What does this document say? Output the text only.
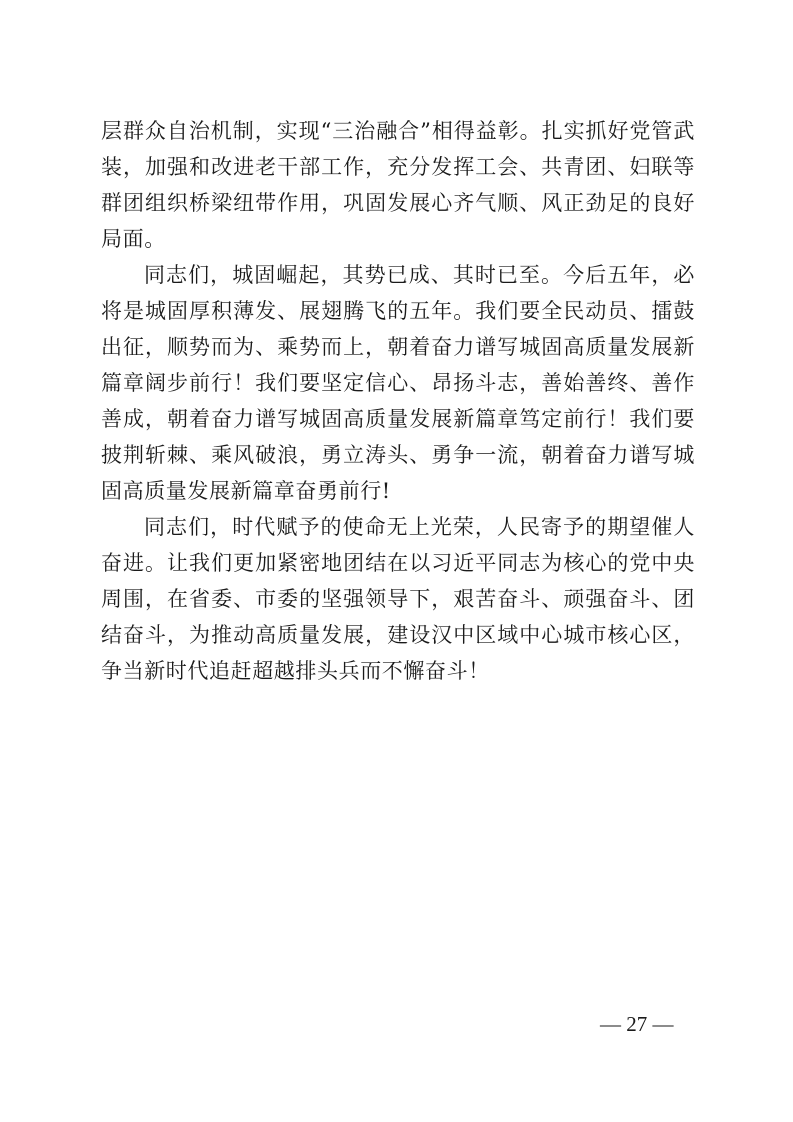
层群众自治机制，实现“三治融合”相得益彰。扎实抓好党管武装，加强和改进老干部工作，充分发挥工会、共青团、妇联等群团组织桥梁纽带作用，巩固发展心齐气顺、风正劲足的良好局面。

同志们，城固崛起，其势已成、其时已至。今后五年，必将是城固厚积薄发、展翅腾飞的五年。我们要全民动员、擂鼓出征，顺势而为、乘势而上，朝着奋力谱写城固高质量发展新篇章阔步前行！我们要坚定信心、昂扬斗志，善始善终、善作善成，朝着奋力谱写城固高质量发展新篇章笃定前行！我们要披荆斩棘、乘风破浪，勇立涛头、勇争一流，朝着奋力谱写城固高质量发展新篇章奋勇前行!

同志们，时代赋予的使命无上光荣，人民寄予的期望催人奋进。让我们更加紧密地团结在以习近平同志为核心的党中央周围，在省委、市委的坚强领导下，艰苦奋斗、顽强奋斗、团结奋斗，为推动高质量发展，建设汉中区域中心城市核心区，争当新时代追赶超越排头兵而不懈奋斗！

— 27 —
